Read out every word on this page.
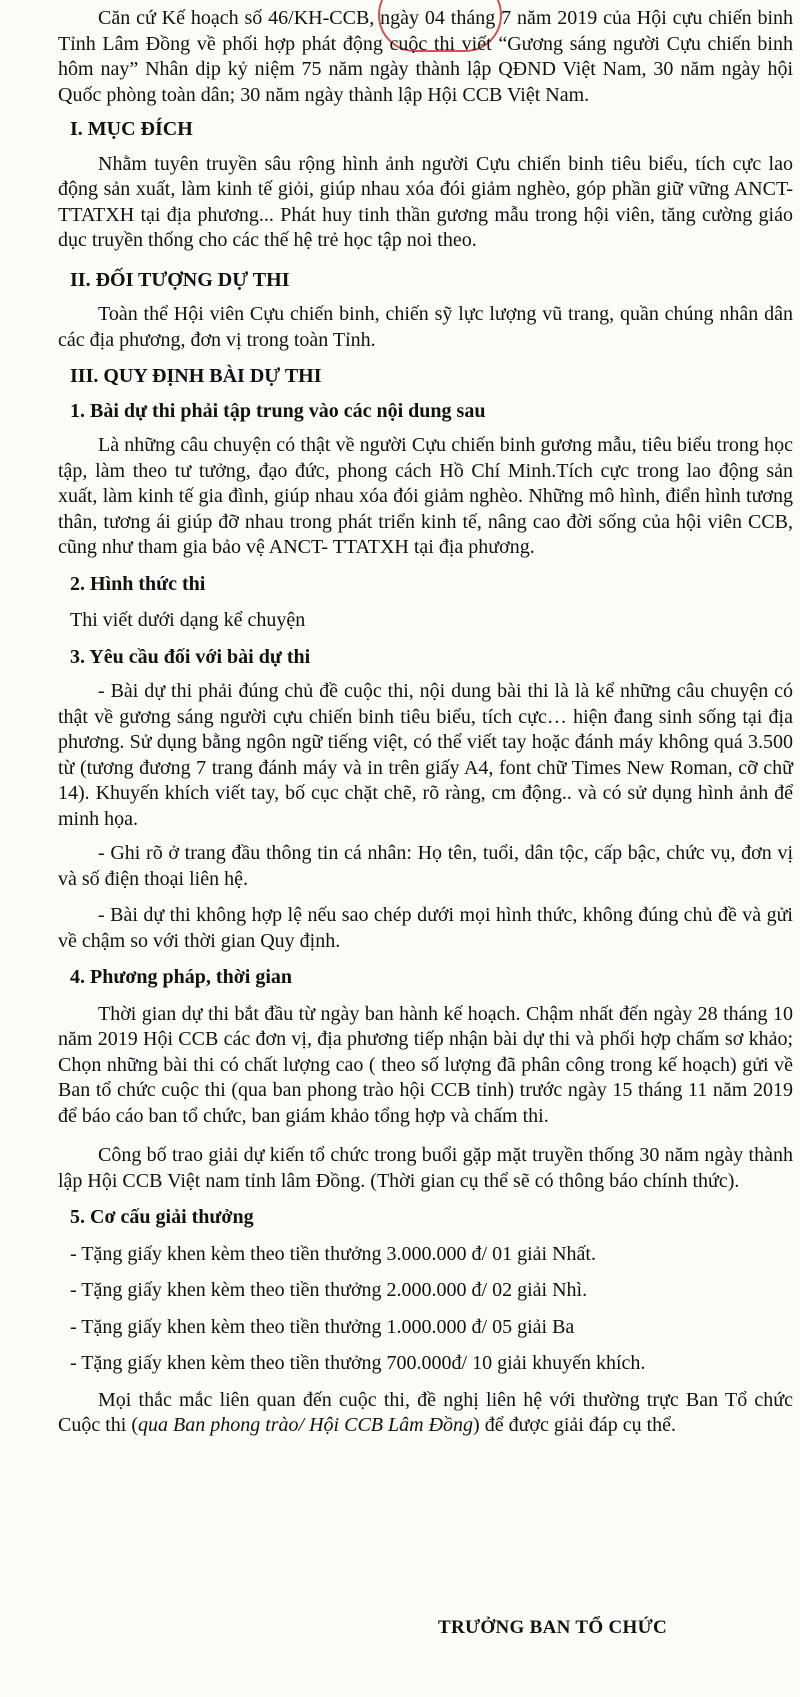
Căn cứ Kế hoạch số 46/KH-CCB, ngày 04 tháng 7 năm 2019 của Hội cựu chiến binh Tỉnh Lâm Đồng về phối hợp phát động cuộc thi viết “Gương sáng người Cựu chiến binh hôm nay” Nhân dịp kỷ niệm 75 năm ngày thành lập QĐND Việt Nam, 30 năm ngày hội Quốc phòng toàn dân; 30 năm ngày thành lập Hội CCB Việt Nam.

I. MỤC ĐÍCH

Nhằm tuyên truyền sâu rộng hình ảnh người Cựu chiến binh tiêu biểu, tích cực lao động sản xuất, làm kinh tế giỏi, giúp nhau xóa đói giảm nghèo, góp phần giữ vững ANCT-TTATXH tại địa phương... Phát huy tinh thần gương mẫu trong hội viên, tăng cường giáo dục truyền thống cho các thế hệ trẻ học tập noi theo.

II. ĐỐI TƯỢNG DỰ THI

Toàn thể Hội viên Cựu chiến binh, chiến sỹ lực lượng vũ trang, quần chúng nhân dân các địa phương, đơn vị trong toàn Tỉnh.

III. QUY ĐỊNH BÀI DỰ THI

1. Bài dự thi phải tập trung vào các nội dung sau

Là những câu chuyện có thật về người Cựu chiến binh gương mẫu, tiêu biểu trong học tập, làm theo tư tưởng, đạo đức, phong cách Hồ Chí Minh.Tích cực trong lao động sản xuất, làm kinh tế gia đình, giúp nhau xóa đói giảm nghèo. Những mô hình, điển hình tương thân, tương ái giúp đỡ nhau trong phát triển kinh tế, nâng cao đời sống của hội viên CCB, cũng như tham gia bảo vệ ANCT- TTATXH tại địa phương.

2. Hình thức thi

Thi viết dưới dạng kể chuyện

3. Yêu cầu đối với bài dự thi

- Bài dự thi phải đúng chủ đề cuộc thi, nội dung bài thi là là kể những câu chuyện có thật về gương sáng người cựu chiến binh tiêu biểu, tích cực… hiện đang sinh sống tại địa phương. Sử dụng bằng ngôn ngữ tiếng việt, có thể viết tay hoặc đánh máy không quá 3.500 từ (tương đương 7 trang đánh máy và in trên giấy A4, font chữ Times New Roman, cỡ chữ 14). Khuyến khích viết tay, bố cục chặt chẽ, rõ ràng, cm động.. và có sử dụng hình ảnh để minh họa.

- Ghi rõ ở trang đầu thông tin cá nhân: Họ tên, tuổi, dân tộc, cấp bậc, chức vụ, đơn vị và số điện thoại liên hệ.

- Bài dự thi không hợp lệ nếu sao chép dưới mọi hình thức, không đúng chủ đề và gửi về chậm so với thời gian Quy định.

4. Phương pháp, thời gian

Thời gian dự thi bắt đầu từ ngày ban hành kế hoạch. Chậm nhất đến ngày 28 tháng 10 năm 2019 Hội CCB các đơn vị, địa phương tiếp nhận bài dự thi và phối hợp chấm sơ khảo; Chọn những bài thi có chất lượng cao ( theo số lượng đã phân công trong kế hoạch) gửi về Ban tổ chức cuộc thi (qua ban phong trào hội CCB tỉnh) trước ngày 15 tháng 11 năm 2019 để báo cáo ban tổ chức, ban giám khảo tổng hợp và chấm thi.

Công bố trao giải dự kiến tổ chức trong buổi gặp mặt truyền thống 30 năm ngày thành lập Hội CCB Việt nam tỉnh lâm Đồng. (Thời gian cụ thể sẽ có thông báo chính thức).

5. Cơ cấu giải thưởng

- Tặng giấy khen kèm theo tiền thưởng 3.000.000 đ/ 01 giải Nhất.

- Tặng giấy khen kèm theo tiền thưởng 2.000.000 đ/ 02 giải Nhì.

- Tặng giấy khen kèm theo tiền thưởng 1.000.000 đ/ 05 giải Ba

- Tặng giấy khen kèm theo tiền thưởng 700.000đ/ 10 giải khuyến khích.

Mọi thắc mắc liên quan đến cuộc thi, đề nghị liên hệ với thường trực Ban Tổ chức Cuộc thi (qua Ban phong trào/ Hội CCB Lâm Đồng) để được giải đáp cụ thể.

TRƯỞNG BAN TỔ CHỨC
